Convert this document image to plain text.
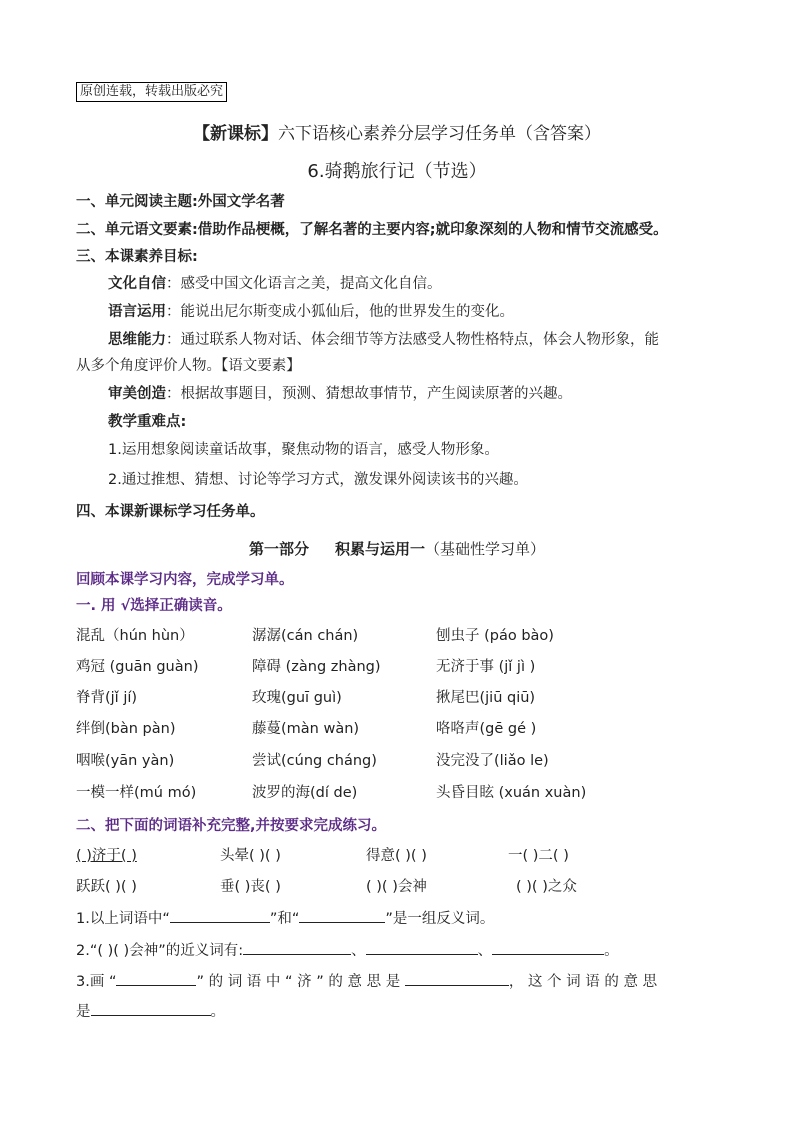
原创连载，转载出版必究
【新课标】六下语核心素养分层学习任务单（含答案）
6.骑鹅旅行记（节选）
一、单元阅读主题:外国文学名著
二、单元语文要素:借助作品梗概，了解名著的主要内容;就印象深刻的人物和情节交流感受。
三、本课素养目标:
文化自信：感受中国文化语言之美，提高文化自信。
语言运用：能说出尼尔斯变成小狐仙后，他的世界发生的变化。
思维能力：通过联系人物对话、体会细节等方法感受人物性格特点，体会人物形象，能
从多个角度评价人物。【语文要素】
审美创造：根据故事题目，预测、猜想故事情节，产生阅读原著的兴趣。
教学重难点:
1.运用想象阅读童话故事，聚焦动物的语言，感受人物形象。
2.通过推想、猜想、讨论等学习方式，激发课外阅读该书的兴趣。
四、本课新课标学习任务单。
第一部分 积累与运用一（基础性学习单）
回顾本课学习内容，完成学习单。
一. 用 √选择正确读音。
混乱（hún hùn）	潺潺(cán chán)	刨虫子 (páo bào)
鸡冠 (guān guàn)	障碍 (zàng zhàng)	无济于事 (jǐ jì )
脊背(jǐ jí)	玫瑰(guī guì)	揪尾巴(jiū qiū)
绊倒(bàn pàn)	藤蔓(màn wàn)	咯咯声(gē gé )
咽喉(yān yàn)	尝试(cúng cháng)	没完没了(liǎo le)
一模一样(mú mó)	波罗的海(dí de)	头昏目眩 (xuán xuàn)
二、把下面的词语补充完整,并按要求完成练习。
( )济于( )	头晕( )( )	得意( )( )	一( )二( )
跃跃( )( )	垂( )丧( )	( )( )会神	( )( )之众
1.以上词语中“	”和“	”是一组反义词。
2.“( )( )会神”的近义词有:	、	、	。
3.画 “	” 的 词 语 中 “ 济 ” 的 意 思 是	， 这 个 词 语 的 意 思
是	。
